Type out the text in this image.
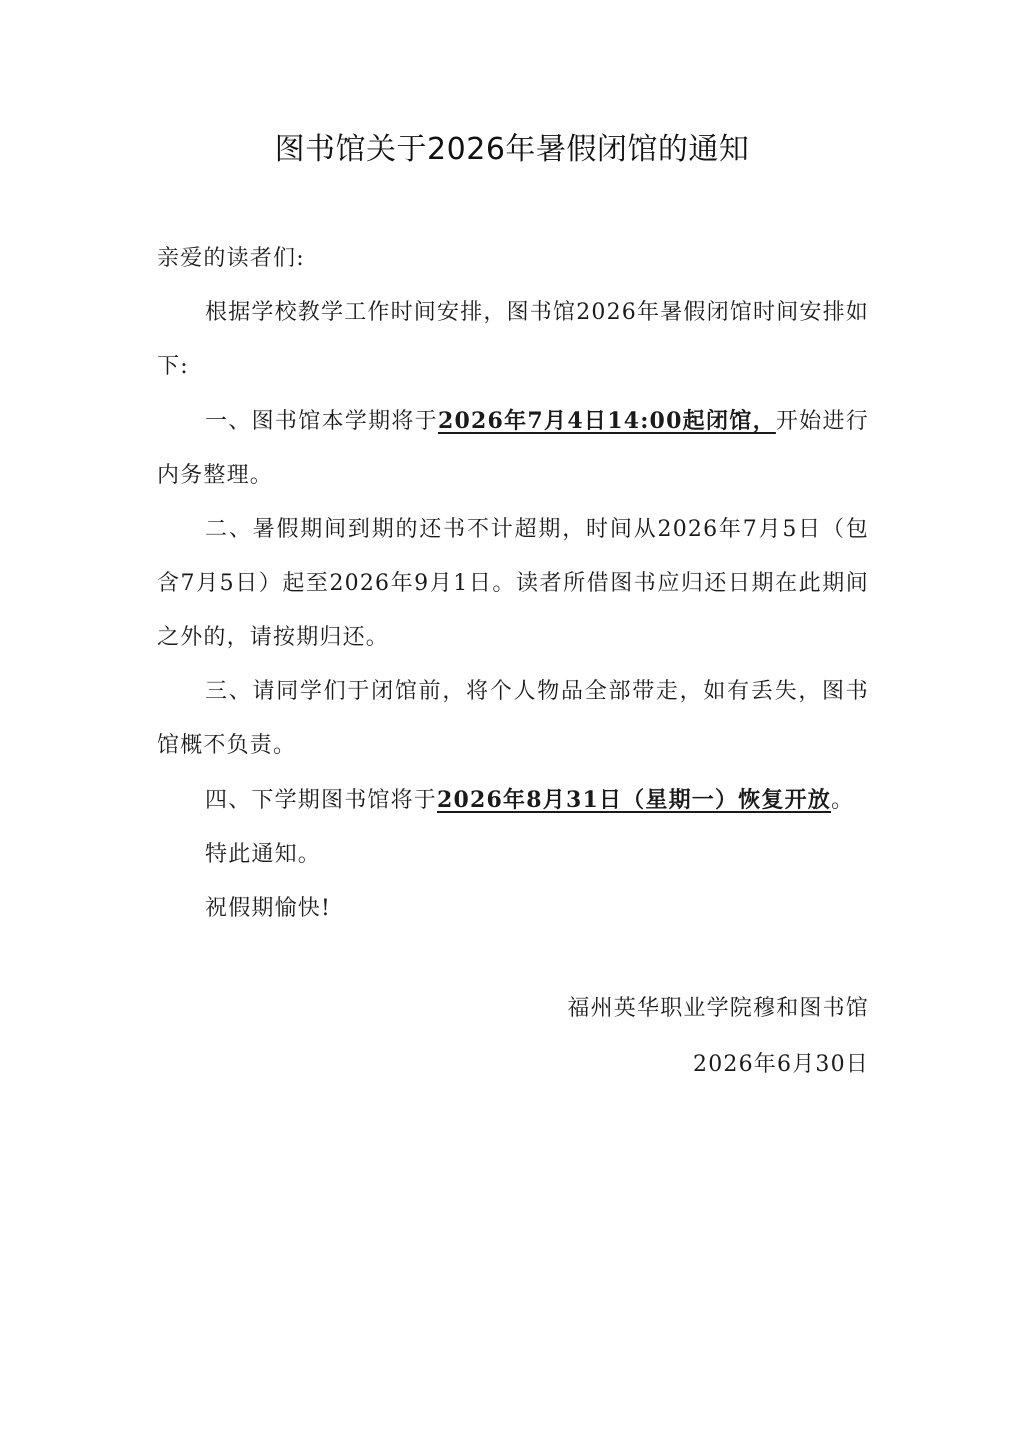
图书馆关于2026年暑假闭馆的通知

亲爱的读者们:

根据学校教学工作时间安排，图书馆2026年暑假闭馆时间安排如下:

一、图书馆本学期将于2026年7月4日14:00起闭馆，开始进行内务整理。

二、暑假期间到期的还书不计超期，时间从2026年7月5日（包含7月5日）起至2026年9月1日。读者所借图书应归还日期在此期间之外的，请按期归还。

三、请同学们于闭馆前，将个人物品全部带走，如有丢失，图书馆概不负责。

四、下学期图书馆将于2026年8月31日（星期一）恢复开放。

特此通知。

祝假期愉快!

福州英华职业学院穆和图书馆
2026年6月30日
